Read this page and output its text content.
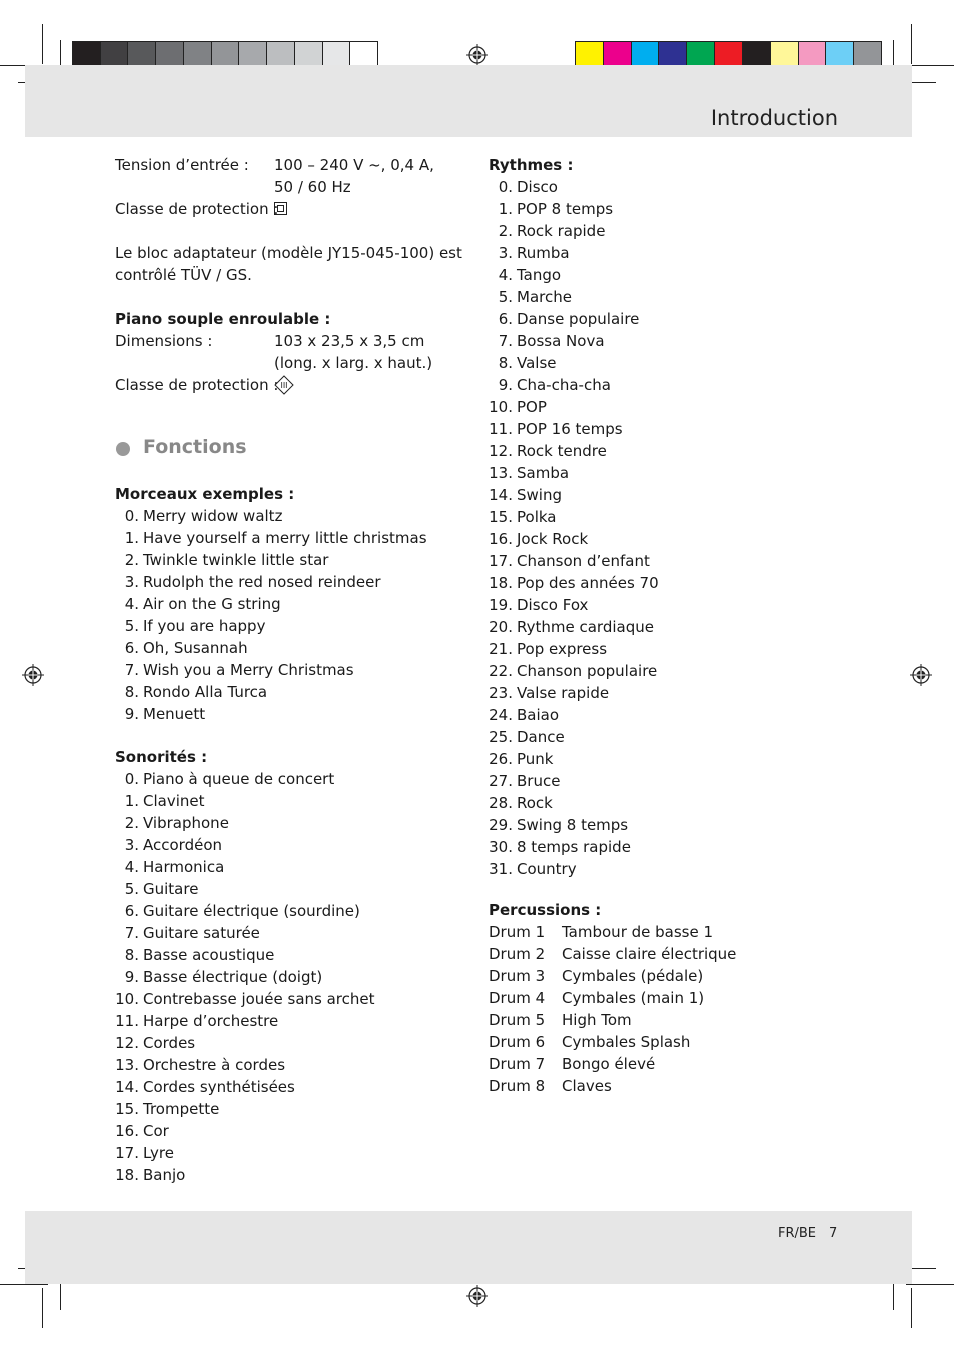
Introduction
Tension d’entrée : 100 – 240 V ~, 0,4 A,
50 / 60 Hz
Classe de protection :
Le bloc adaptateur (modèle JY15-045-100) est
contrôlé TÜV / GS.
Piano souple enroulable :
Dimensions :	103 x 23,5 x 3,5 cm
(long. x larg. x haut.)
Classe de protection : III
Fonctions
Morceaux exemples :
0. Merry widow waltz
1. Have yourself a merry little christmas
2. Twinkle twinkle little star
3. Rudolph the red nosed reindeer
4. Air on the G string
5. If you are happy
6. Oh, Susannah
7. Wish you a Merry Christmas
8. Rondo Alla Turca
9. Menuett
Sonorités :
0. Piano à queue de concert
1. Clavinet
2. Vibraphone
3. Accordéon
4. Harmonica
5. Guitare
6. Guitare électrique (sourdine)
7. Guitare saturée
8. Basse acoustique
9. Basse électrique (doigt)
10. Contrebasse jouée sans archet
11. Harpe d’orchestre
12. Cordes
13. Orchestre à cordes
14. Cordes synthétisées
15. Trompette
16. Cor
17. Lyre
18. Banjo
Rythmes :
0. Disco
1. POP 8 temps
2. Rock rapide
3. Rumba
4. Tango
5. Marche
6. Danse populaire
7. Bossa Nova
8. Valse
9. Cha-cha-cha
10. POP
11. POP 16 temps
12. Rock tendre
13. Samba
14. Swing
15. Polka
16. Jock Rock
17. Chanson d’enfant
18. Pop des années 70
19. Disco Fox
20. Rythme cardiaque
21. Pop express
22. Chanson populaire
23. Valse rapide
24. Baiao
25. Dance
26. Punk
27. Bruce
28. Rock
29. Swing 8 temps
30. 8 temps rapide
31. Country
Percussions :
Drum 1 Tambour de basse 1
Drum 2 Caisse claire électrique
Drum 3 Cymbales (pédale)
Drum 4 Cymbales (main 1)
Drum 5 High Tom
Drum 6 Cymbales Splash
Drum 7 Bongo élevé
Drum 8 Claves
FR/BE 7
